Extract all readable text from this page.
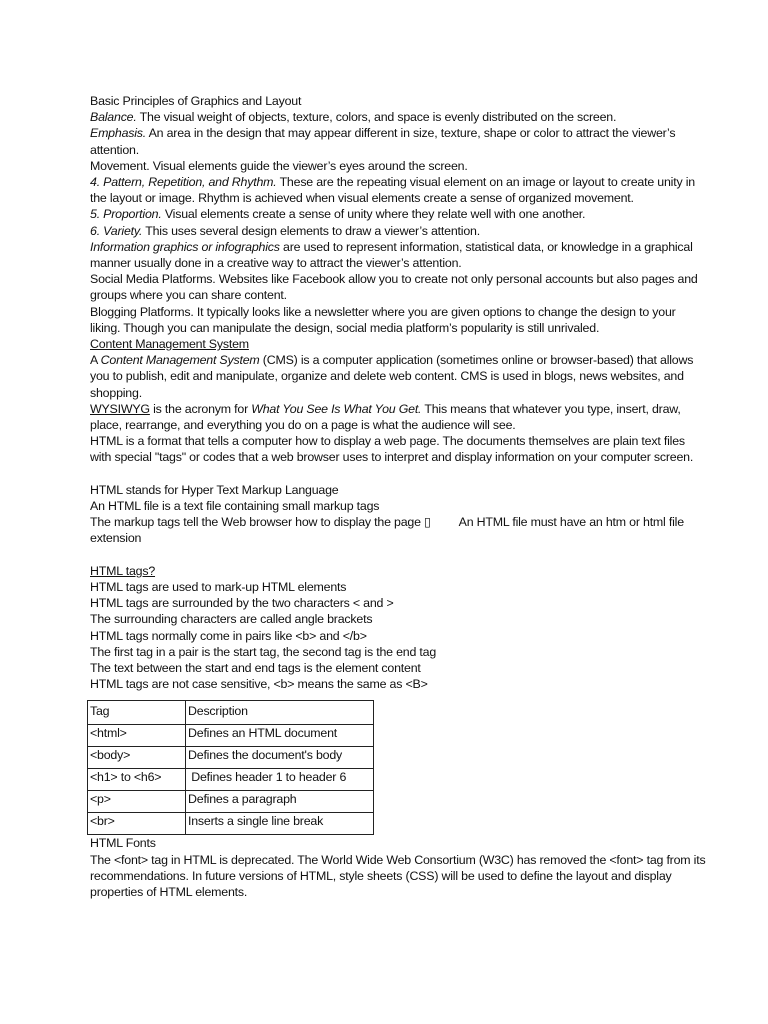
Basic Principles of Graphics and Layout
Balance. The visual weight of objects, texture, colors, and space is evenly distributed on the screen.
Emphasis. An area in the design that may appear different in size, texture, shape or color to attract the viewer’s
attention.
Movement. Visual elements guide the viewer’s eyes around the screen.
4. Pattern, Repetition, and Rhythm. These are the repeating visual element on an image or layout to create unity in
the layout or image. Rhythm is achieved when visual elements create a sense of organized movement.
5. Proportion. Visual elements create a sense of unity where they relate well with one another.
6. Variety. This uses several design elements to draw a viewer’s attention.
Information graphics or infographics are used to represent information, statistical data, or knowledge in a graphical
manner usually done in a creative way to attract the viewer’s attention.
Social Media Platforms. Websites like Facebook allow you to create not only personal accounts but also pages and
groups where you can share content.
Blogging Platforms. It typically looks like a newsletter where you are given options to change the design to your
liking. Though you can manipulate the design, social media platform’s popularity is still unrivaled.
Content Management System
A Content Management System (CMS) is a computer application (sometimes online or browser-based) that allows
you to publish, edit and manipulate, organize and delete web content. CMS is used in blogs, news websites, and
shopping.
WYSIWYG is the acronym for What You See Is What You Get. This means that whatever you type, insert, draw,
place, rearrange, and everything you do on a page is what the audience will see.
HTML is a format that tells a computer how to display a web page. The documents themselves are plain text files
with special "tags" or codes that a web browser uses to interpret and display information on your computer screen.
HTML stands for Hyper Text Markup Language
An HTML file is a text file containing small markup tags
The markup tags tell the Web browser how to display the page ▯ An HTML file must have an htm or html file
extension
HTML tags?
HTML tags are used to mark-up HTML elements
HTML tags are surrounded by the two characters < and >
The surrounding characters are called angle brackets
HTML tags normally come in pairs like <b> and </b>
The first tag in a pair is the start tag, the second tag is the end tag
The text between the start and end tags is the element content
HTML tags are not case sensitive, <b> means the same as <B>
Tag	Description
<html>	Defines an HTML document
<body>	Defines the document's body
<h1> to <h6>	Defines header 1 to header 6
<p>	Defines a paragraph
<br>	Inserts a single line break
HTML Fonts
The <font> tag in HTML is deprecated. The World Wide Web Consortium (W3C) has removed the <font> tag from its
recommendations. In future versions of HTML, style sheets (CSS) will be used to define the layout and display
properties of HTML elements.
